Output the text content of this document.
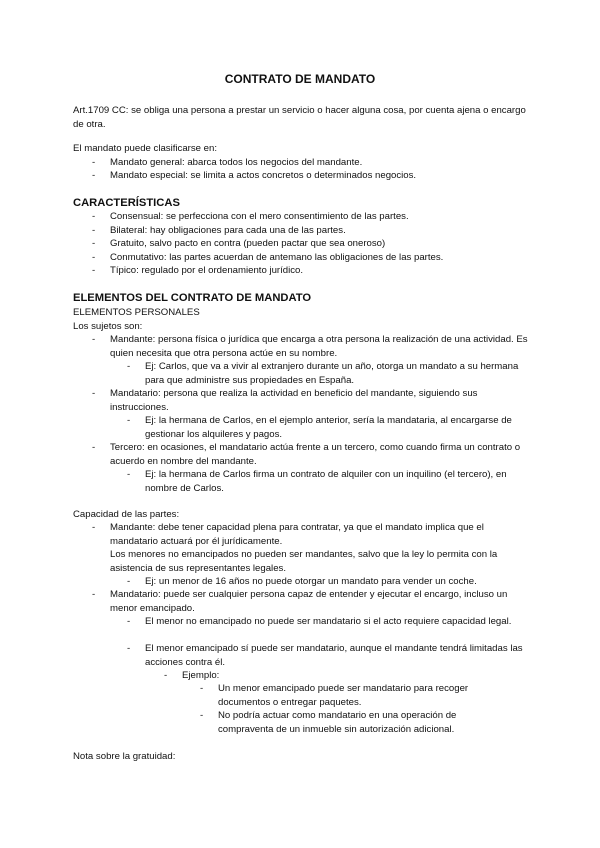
CONTRATO DE MANDATO
Art.1709 CC: se obliga una persona a prestar un servicio o hacer alguna cosa, por cuenta ajena o encargo de otra.
El mandato puede clasificarse en:
- Mandato general: abarca todos los negocios del mandante.
- Mandato especial: se limita a actos concretos o determinados negocios.
CARACTERÍSTICAS
- Consensual: se perfecciona con el mero consentimiento de las partes.
- Bilateral: hay obligaciones para cada una de las partes.
- Gratuito, salvo pacto en contra (pueden pactar que sea oneroso)
- Conmutativo: las partes acuerdan de antemano las obligaciones de las partes.
- Típico: regulado por el ordenamiento jurídico.
ELEMENTOS DEL CONTRATO DE MANDATO
ELEMENTOS PERSONALES
Los sujetos son:
- Mandante: persona física o jurídica que encarga a otra persona la realización de una actividad. Es quien necesita que otra persona actúe en su nombre.
- Ej: Carlos, que va a vivir al extranjero durante un año, otorga un mandato a su hermana para que administre sus propiedades en España.
- Mandatario: persona que realiza la actividad en beneficio del mandante, siguiendo sus instrucciones.
- Ej: la hermana de Carlos, en el ejemplo anterior, sería la mandataria, al encargarse de gestionar los alquileres y pagos.
- Tercero: en ocasiones, el mandatario actúa frente a un tercero, como cuando firma un contrato o acuerdo en nombre del mandante.
- Ej: la hermana de Carlos firma un contrato de alquiler con un inquilino (el tercero), en nombre de Carlos.
Capacidad de las partes:
- Mandante: debe tener capacidad plena para contratar, ya que el mandato implica que el mandatario actuará por él jurídicamente.
Los menores no emancipados no pueden ser mandantes, salvo que la ley lo permita con la asistencia de sus representantes legales.
- Ej: un menor de 16 años no puede otorgar un mandato para vender un coche.
- Mandatario: puede ser cualquier persona capaz de entender y ejecutar el encargo, incluso un menor emancipado.
- El menor no emancipado no puede ser mandatario si el acto requiere capacidad legal.
- El menor emancipado sí puede ser mandatario, aunque el mandante tendrá limitadas las acciones contra él.
- Ejemplo:
- Un menor emancipado puede ser mandatario para recoger documentos o entregar paquetes.
- No podría actuar como mandatario en una operación de compraventa de un inmueble sin autorización adicional.
Nota sobre la gratuidad:
